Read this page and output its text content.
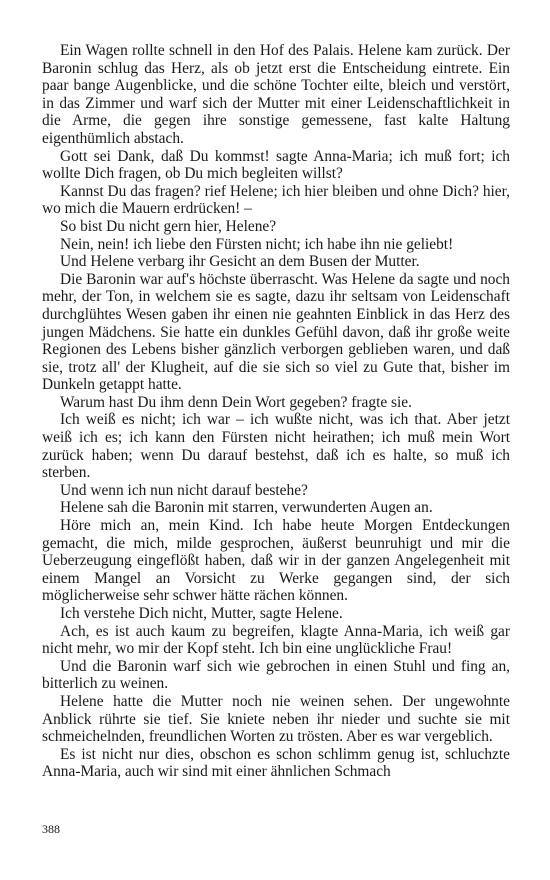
Ein Wagen rollte schnell in den Hof des Palais. Helene kam zurück. Der Baronin schlug das Herz, als ob jetzt erst die Entscheidung eintrete. Ein paar bange Augenblicke, und die schöne Tochter eilte, bleich und verstört, in das Zimmer und warf sich der Mutter mit einer Leidenschaftlichkeit in die Arme, die gegen ihre sonstige gemessene, fast kalte Haltung eigenthümlich abstach.

Gott sei Dank, daß Du kommst! sagte Anna-Maria; ich muß fort; ich wollte Dich fragen, ob Du mich begleiten willst?

Kannst Du das fragen? rief Helene; ich hier bleiben und ohne Dich? hier, wo mich die Mauern erdrücken! –

So bist Du nicht gern hier, Helene?

Nein, nein! ich liebe den Fürsten nicht; ich habe ihn nie geliebt!

Und Helene verbarg ihr Gesicht an dem Busen der Mutter.

Die Baronin war auf's höchste überrascht. Was Helene da sagte und noch mehr, der Ton, in welchem sie es sagte, dazu ihr seltsam von Leidenschaft durchglühtes Wesen gaben ihr einen nie geahnten Einblick in das Herz des jungen Mädchens. Sie hatte ein dunkles Gefühl davon, daß ihr große weite Regionen des Lebens bisher gänzlich verborgen geblieben waren, und daß sie, trotz all' der Klugheit, auf die sie sich so viel zu Gute that, bisher im Dunkeln getappt hatte.

Warum hast Du ihm denn Dein Wort gegeben? fragte sie.

Ich weiß es nicht; ich war – ich wußte nicht, was ich that. Aber jetzt weiß ich es; ich kann den Fürsten nicht heirathen; ich muß mein Wort zurück haben; wenn Du darauf bestehst, daß ich es halte, so muß ich sterben.

Und wenn ich nun nicht darauf bestehe?

Helene sah die Baronin mit starren, verwunderten Augen an.

Höre mich an, mein Kind. Ich habe heute Morgen Entdeckungen gemacht, die mich, milde gesprochen, äußerst beunruhigt und mir die Ueberzeugung eingeflößt haben, daß wir in der ganzen Angelegenheit mit einem Mangel an Vorsicht zu Werke gegangen sind, der sich möglicherweise sehr schwer hätte rächen können.

Ich verstehe Dich nicht, Mutter, sagte Helene.

Ach, es ist auch kaum zu begreifen, klagte Anna-Maria, ich weiß gar nicht mehr, wo mir der Kopf steht. Ich bin eine unglückliche Frau!

Und die Baronin warf sich wie gebrochen in einen Stuhl und fing an, bitterlich zu weinen.

Helene hatte die Mutter noch nie weinen sehen. Der ungewohnte Anblick rührte sie tief. Sie kniete neben ihr nieder und suchte sie mit schmeichelnden, freundlichen Worten zu trösten. Aber es war vergeblich.

Es ist nicht nur dies, obschon es schon schlimm genug ist, schluchzte Anna-Maria, auch wir sind mit einer ähnlichen Schmach

388
